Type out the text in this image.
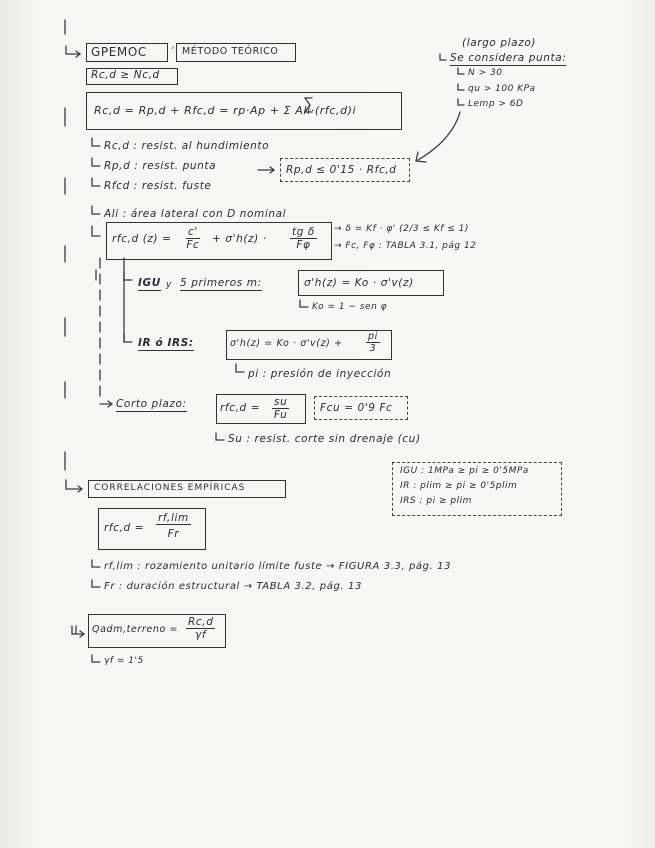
GPEMOC	, MÉTODO TEÓRICO
(largo plazo)
Se considera punta:
N > 30
qu > 100 KPa
Lemp > 6D
Rc,d ≥ Nc,d
Rc,d = Rp,d + Rfc,d = rp·Ap + Σ Ali·(rfc,d)i
Rc,d : resist. al hundimiento
Rp,d : resist. punta	Rp,d ≤ 0'15 · Rfc,d
Rfcd : resist. fuste
Ali : área lateral con D nominal
rfc,d $(z) = \frac{c'}{Fc} + \sigma'h(z) \cdot \frac{\text{tg δ}}{F\varphi} \to \delta = Kf \cdot \varphi'$ (2/3 ≤ Kf ≤ 1)
→ Fc, Fφ : TABLA 3.1, pág 12
IGU y 5 primeros m:	σ'h(z) = Ko · σ'v(z)
Ko = 1 − sen φ
IR ó IRS:	$\sigma'h(z) = Ko \cdot \sigma'v(z) + \frac{pi}{3}$
pi : presión de inyección
Corto plazo:	$rfc,d = \frac{su}{Fu}$	Fcu = 0'9 Fc
Su : resist. corte sin drenaje (cu)
CORRELACIONES EMPÍRICAS
IGU : 1MPa ≥ pi ≥ 0'5MPa
IR : plim ≥ pi ≥ 0'5plim
IRS : pi ≥ plim
$rfc,d = \frac{rf,\lim}{Fr}$
rf,lim : rozamiento unitario límite fuste → FIGURA 3.3, pág. 13
Fr : duración estructural → TABLA 3.2, pág. 13
Qadm,terreno = $\frac{Rc,d}{\gamma f}$
γf = 1'5
